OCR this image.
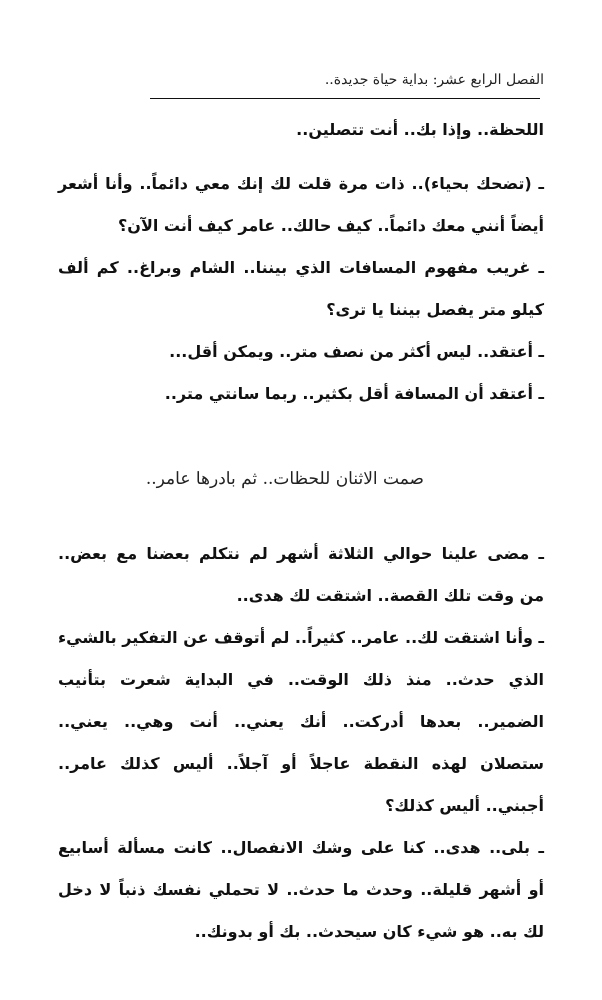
الفصل الرابع عشر: بداية حياة جديدة..
اللحظة.. وإذا بك.. أنت تتصلين..
ـ (تضحك بحياء).. ذات مرة قلت لك إنك معي دائماً.. وأنا أشعر
أيضاً أنني معك دائماً.. كيف حالك.. عامر كيف أنت الآن؟
ـ غريب مفهوم المسافات الذي بيننا.. الشام وبراغ.. كم ألف
كيلو متر يفصل بيننا يا ترى؟
ـ أعتقد.. ليس أكثر من نصف متر.. ويمكن أقل...
ـ أعتقد أن المسافة أقل بكثير.. ربما سانتي متر..
صمت الاثنان للحظات.. ثم بادرها عامر..
ـ مضى علينا حوالي الثلاثة أشهر لم نتكلم بعضنا مع بعض..
من وقت تلك القصة.. اشتقت لك هدى..
ـ وأنا اشتقت لك.. عامر.. كثيراً.. لم أتوقف عن التفكير بالشيء
الذي حدث.. منذ ذلك الوقت.. في البداية شعرت بتأنيب
الضمير.. بعدها أدركت.. أنك يعني.. أنت وهي.. يعني..
ستصلان لهذه النقطة عاجلاً أو آجلاً.. أليس كذلك عامر..
أجبني.. أليس كذلك؟
ـ بلى.. هدى.. كنا على وشك الانفصال.. كانت مسألة أسابيع
أو أشهر قليلة.. وحدث ما حدث.. لا تحملي نفسك ذنباً لا دخل
لك به.. هو شيء كان سيحدث.. بك أو بدونك..
